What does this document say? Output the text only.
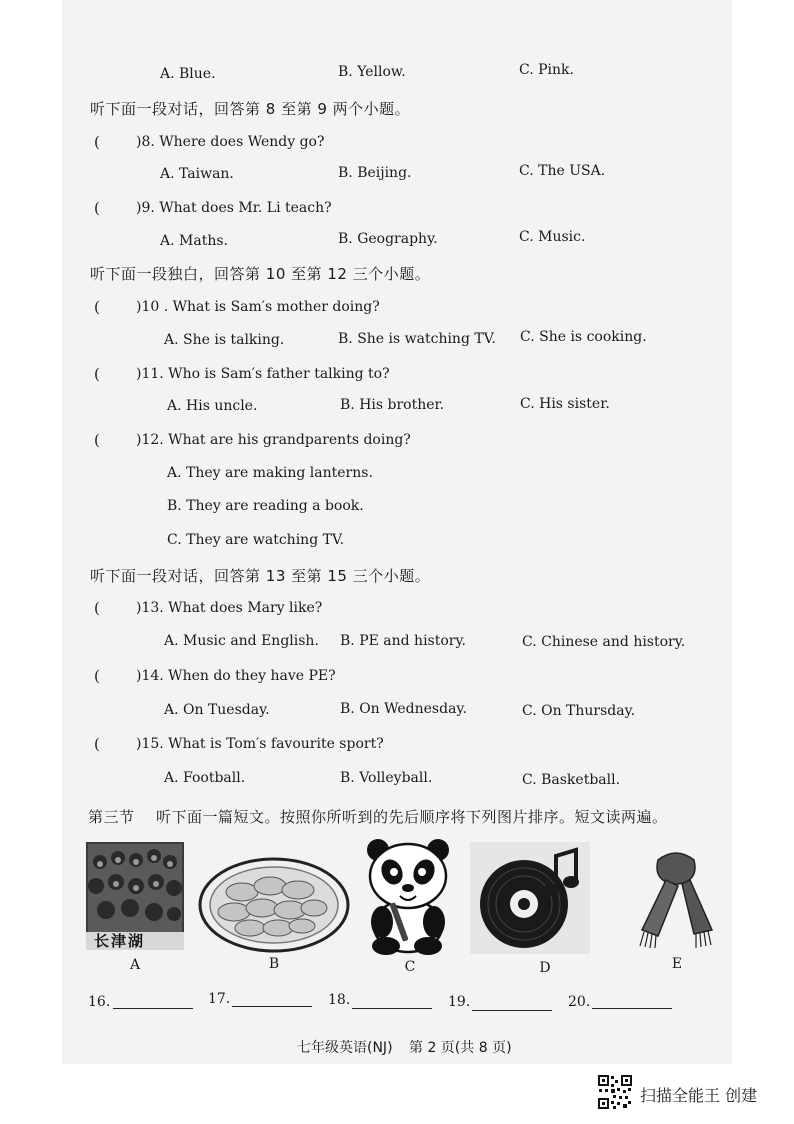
A. Blue.	B. Yellow.	C. Pink.
听下面一段对话，回答第 8 至第 9 两个小题。
(	)8. Where does Wendy go?
A. Taiwan.	B. Beijing.	C. The USA.
(	)9. What does Mr. Li teach?
A. Maths.	B. Geography.	C. Music.
听下面一段独白，回答第 10 至第 12 三个小题。
(	)10 . What is Sam′s mother doing?
A. She is talking.	B. She is watching TV. C. She is cooking.
(	)11. Who is Sam′s father talking to?
A. His uncle.	B. His brother.	C. His sister.
(	)12. What are his grandparents doing?
A. They are making lanterns.
B. They are reading a book.
C. They are watching TV.
听下面一段对话，回答第 13 至第 15 三个小题。
(	)13. What does Mary like?
A. Music and English. B. PE and history.	C. Chinese and history.
(	)14. When do they have PE?
A. On Tuesday.	B. On Wednesday.	C. On Thursday.
(	)15. What is Tom′s favourite sport?
A. Football.	B. Volleyball.	C. Basketball.
第三节 听下面一篇短文。按照你所听到的先后顺序将下列图片排序。短文读两遍。
长津湖
A	B	C	D	E
16.	17.	18.	19.	20.
七年级英语(NJ) 第 2 页(共 8 页)
扫描全能王 创建
